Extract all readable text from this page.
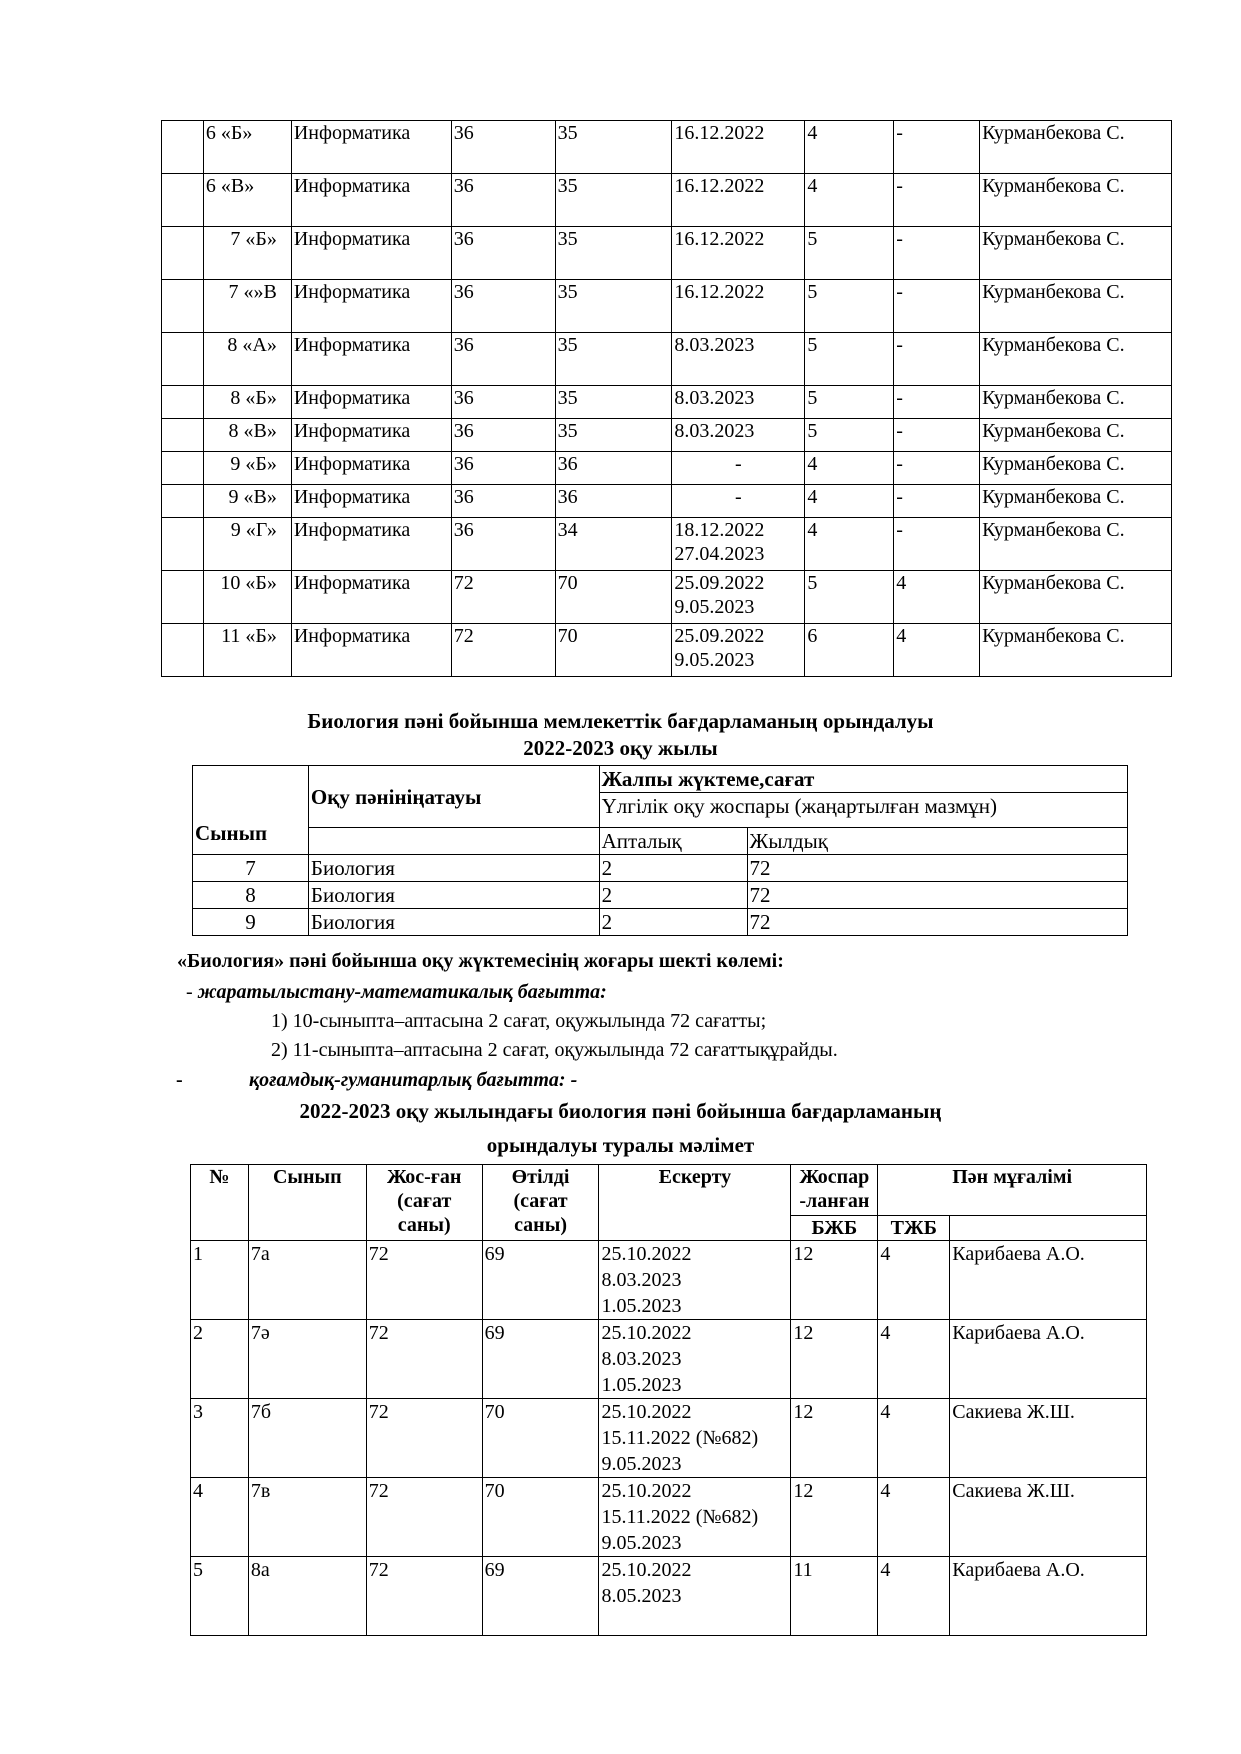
	6 «Б»	Информатика	36	35	16.12.2022	4	-	Курманбекова С.
	6 «В»	Информатика	36	35	16.12.2022	4	-	Курманбекова С.
	7 «Б»	Информатика	36	35	16.12.2022	5	-	Курманбекова С.
	7 «»В	Информатика	36	35	16.12.2022	5	-	Курманбекова С.
	8 «А»	Информатика	36	35	8.03.2023	5	-	Курманбекова С.
	8 «Б»	Информатика	36	35	8.03.2023	5	-	Курманбекова С.
	8 «В»	Информатика	36	35	8.03.2023	5	-	Курманбекова С.
	9 «Б»	Информатика	36	36	-	4	-	Курманбекова С.
	9 «В»	Информатика	36	36	-	4	-	Курманбекова С.
	9 «Г»	Информатика	36	34	18.12.2022
27.04.2023	4	-	Курманбекова С.
	10 «Б»	Информатика	72	70	25.09.2022
9.05.2023	5	4	Курманбекова С.
	11 «Б»	Информатика	72	70	25.09.2022
9.05.2023	6	4	Курманбекова С.
Биология пәні бойынша мемлекеттік бағдарламаның орындалуы
2022-2023 оқу жылы
Сынып	Оқу пәнініңатауы	Жалпы жүктеме,сағат	
		Үлгілік оқу жоспары (жаңартылған мазмұн)	
		Апталық	Жылдық
7	Биология	2	72
8	Биология	2	72
9	Биология	2	72
«Биология» пәні бойынша оқу жүктемесінің жоғары шекті көлемі:
- жаратылыстану-математикалық бағытта:
1) 10-сыныпта–аптасына 2 сағат, оқужылында 72 сағатты;
2) 11-сыныпта–аптасына 2 сағат, оқужылында 72 сағаттықұрайды.
-	қоғамдық-гуманитарлық бағытта: -
2022-2023 оқу жылындағы биология пәні бойынша бағдарламаның
орындалуы туралы мәлімет
№	Сынып	Жос-ған (сағат саны)	Өтілді (сағат саны)	Ескерту	Жоспар -ланған	Пән мұғалімі	
					БЖБ	ТЖБ	
1	7а	72	69	25.10.2022
8.03.2023
1.05.2023	12	4	Карибаева А.О.
2	7ә	72	69	25.10.2022
8.03.2023
1.05.2023	12	4	Карибаева А.О.
3	7б	72	70	25.10.2022
15.11.2022 (№682)
9.05.2023	12	4	Сакиева Ж.Ш.
4	7в	72	70	25.10.2022
15.11.2022 (№682)
9.05.2023	12	4	Сакиева Ж.Ш.
5	8а	72	69	25.10.2022
8.05.2023	11	4	Карибаева А.О.
